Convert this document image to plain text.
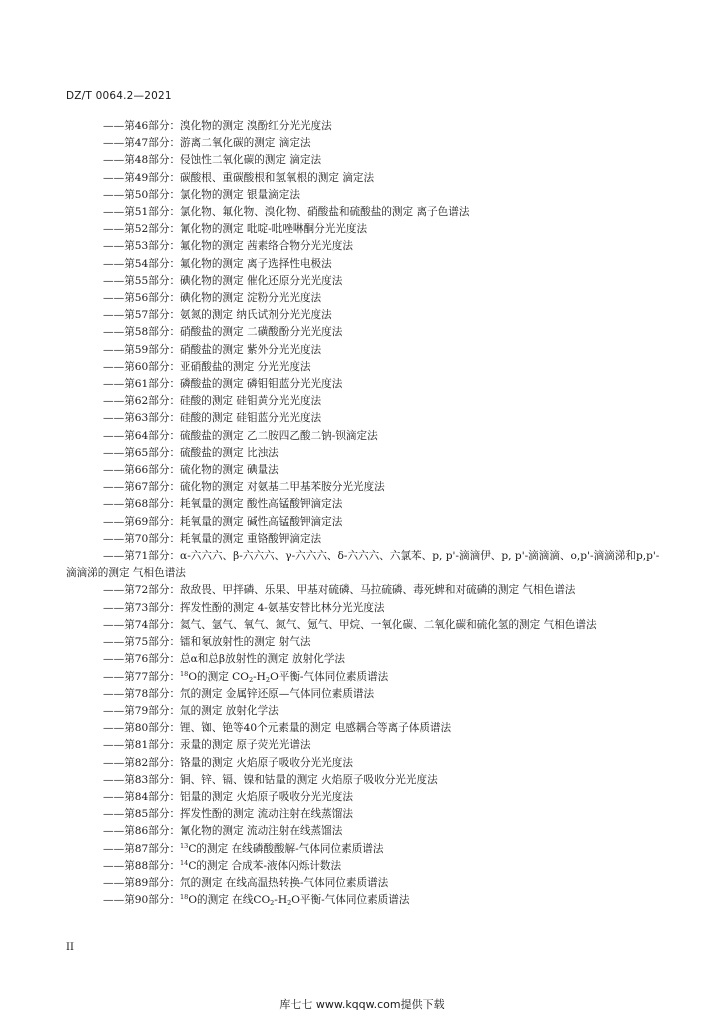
DZ/T 0064.2—2021
——第46部分：溴化物的测定 溴酚红分光光度法
——第47部分：游离二氧化碳的测定 滴定法
——第48部分：侵蚀性二氧化碳的测定 滴定法
——第49部分：碳酸根、重碳酸根和氢氧根的测定 滴定法
——第50部分：氯化物的测定 银量滴定法
——第51部分：氯化物、氟化物、溴化物、硝酸盐和硫酸盐的测定 离子色谱法
——第52部分：氰化物的测定 吡啶-吡唑啉酮分光光度法
——第53部分：氟化物的测定 茜素络合物分光光度法
——第54部分：氟化物的测定 离子选择性电极法
——第55部分：碘化物的测定 催化还原分光光度法
——第56部分：碘化物的测定 淀粉分光光度法
——第57部分：氨氮的测定 纳氏试剂分光光度法
——第58部分：硝酸盐的测定 二磺酸酚分光光度法
——第59部分：硝酸盐的测定 紫外分光光度法
——第60部分：亚硝酸盐的测定 分光光度法
——第61部分：磷酸盐的测定 磷钼钼蓝分光光度法
——第62部分：硅酸的测定 硅钼黄分光光度法
——第63部分：硅酸的测定 硅钼蓝分光光度法
——第64部分：硫酸盐的测定 乙二胺四乙酸二钠-钡滴定法
——第65部分：硫酸盐的测定 比浊法
——第66部分：硫化物的测定 碘量法
——第67部分：硫化物的测定 对氨基二甲基苯胺分光光度法
——第68部分：耗氧量的测定 酸性高锰酸钾滴定法
——第69部分：耗氧量的测定 碱性高锰酸钾滴定法
——第70部分：耗氧量的测定 重铬酸钾滴定法
——第71部分：α-六六六、β-六六六、γ-六六六、δ-六六六、六氯苯、p, p'-滴滴伊、p, p'-滴滴滴、o,p'-滴滴涕和p,p'-滴滴涕的测定 气相色谱法
——第72部分：敌敌畏、甲拌磷、乐果、甲基对硫磷、马拉硫磷、毒死蜱和对硫磷的测定 气相色谱法
——第73部分：挥发性酚的测定 4-氨基安替比林分光光度法
——第74部分：氦气、氩气、氧气、氮气、氪气、甲烷、一氧化碳、二氧化碳和硫化氢的测定 气相色谱法
——第75部分：镭和氡放射性的测定 射气法
——第76部分：总α和总β放射性的测定 放射化学法
——第77部分：$^{18}$O的测定 $CO_2-H_2O$平衡-气体同位素质谱法
——第78部分：氘的测定 金属锌还原—气体同位素质谱法
——第79部分：氚的测定 放射化学法
——第80部分：锂、铷、铯等40个元素量的测定 电感耦合等离子体质谱法
——第81部分：汞量的测定 原子荧光光谱法
——第82部分：铬量的测定 火焰原子吸收分光光度法
——第83部分：铜、锌、镉、镍和钴量的测定 火焰原子吸收分光光度法
——第84部分：铝量的测定 火焰原子吸收分光光度法
——第85部分：挥发性酚的测定 流动注射在线蒸馏法
——第86部分：氰化物的测定 流动注射在线蒸馏法
——第87部分：$^{13}$C的测定 在线磷酸酸解-气体同位素质谱法
——第88部分：$^{14}$C的测定 合成苯-液体闪烁计数法
——第89部分：氘的测定 在线高温热转换-气体同位素质谱法
——第90部分：$^{18}$O的测定 在线$CO_2-H_2O$平衡-气体同位素质谱法
II
库七七 www.kqqw.com提供下载
